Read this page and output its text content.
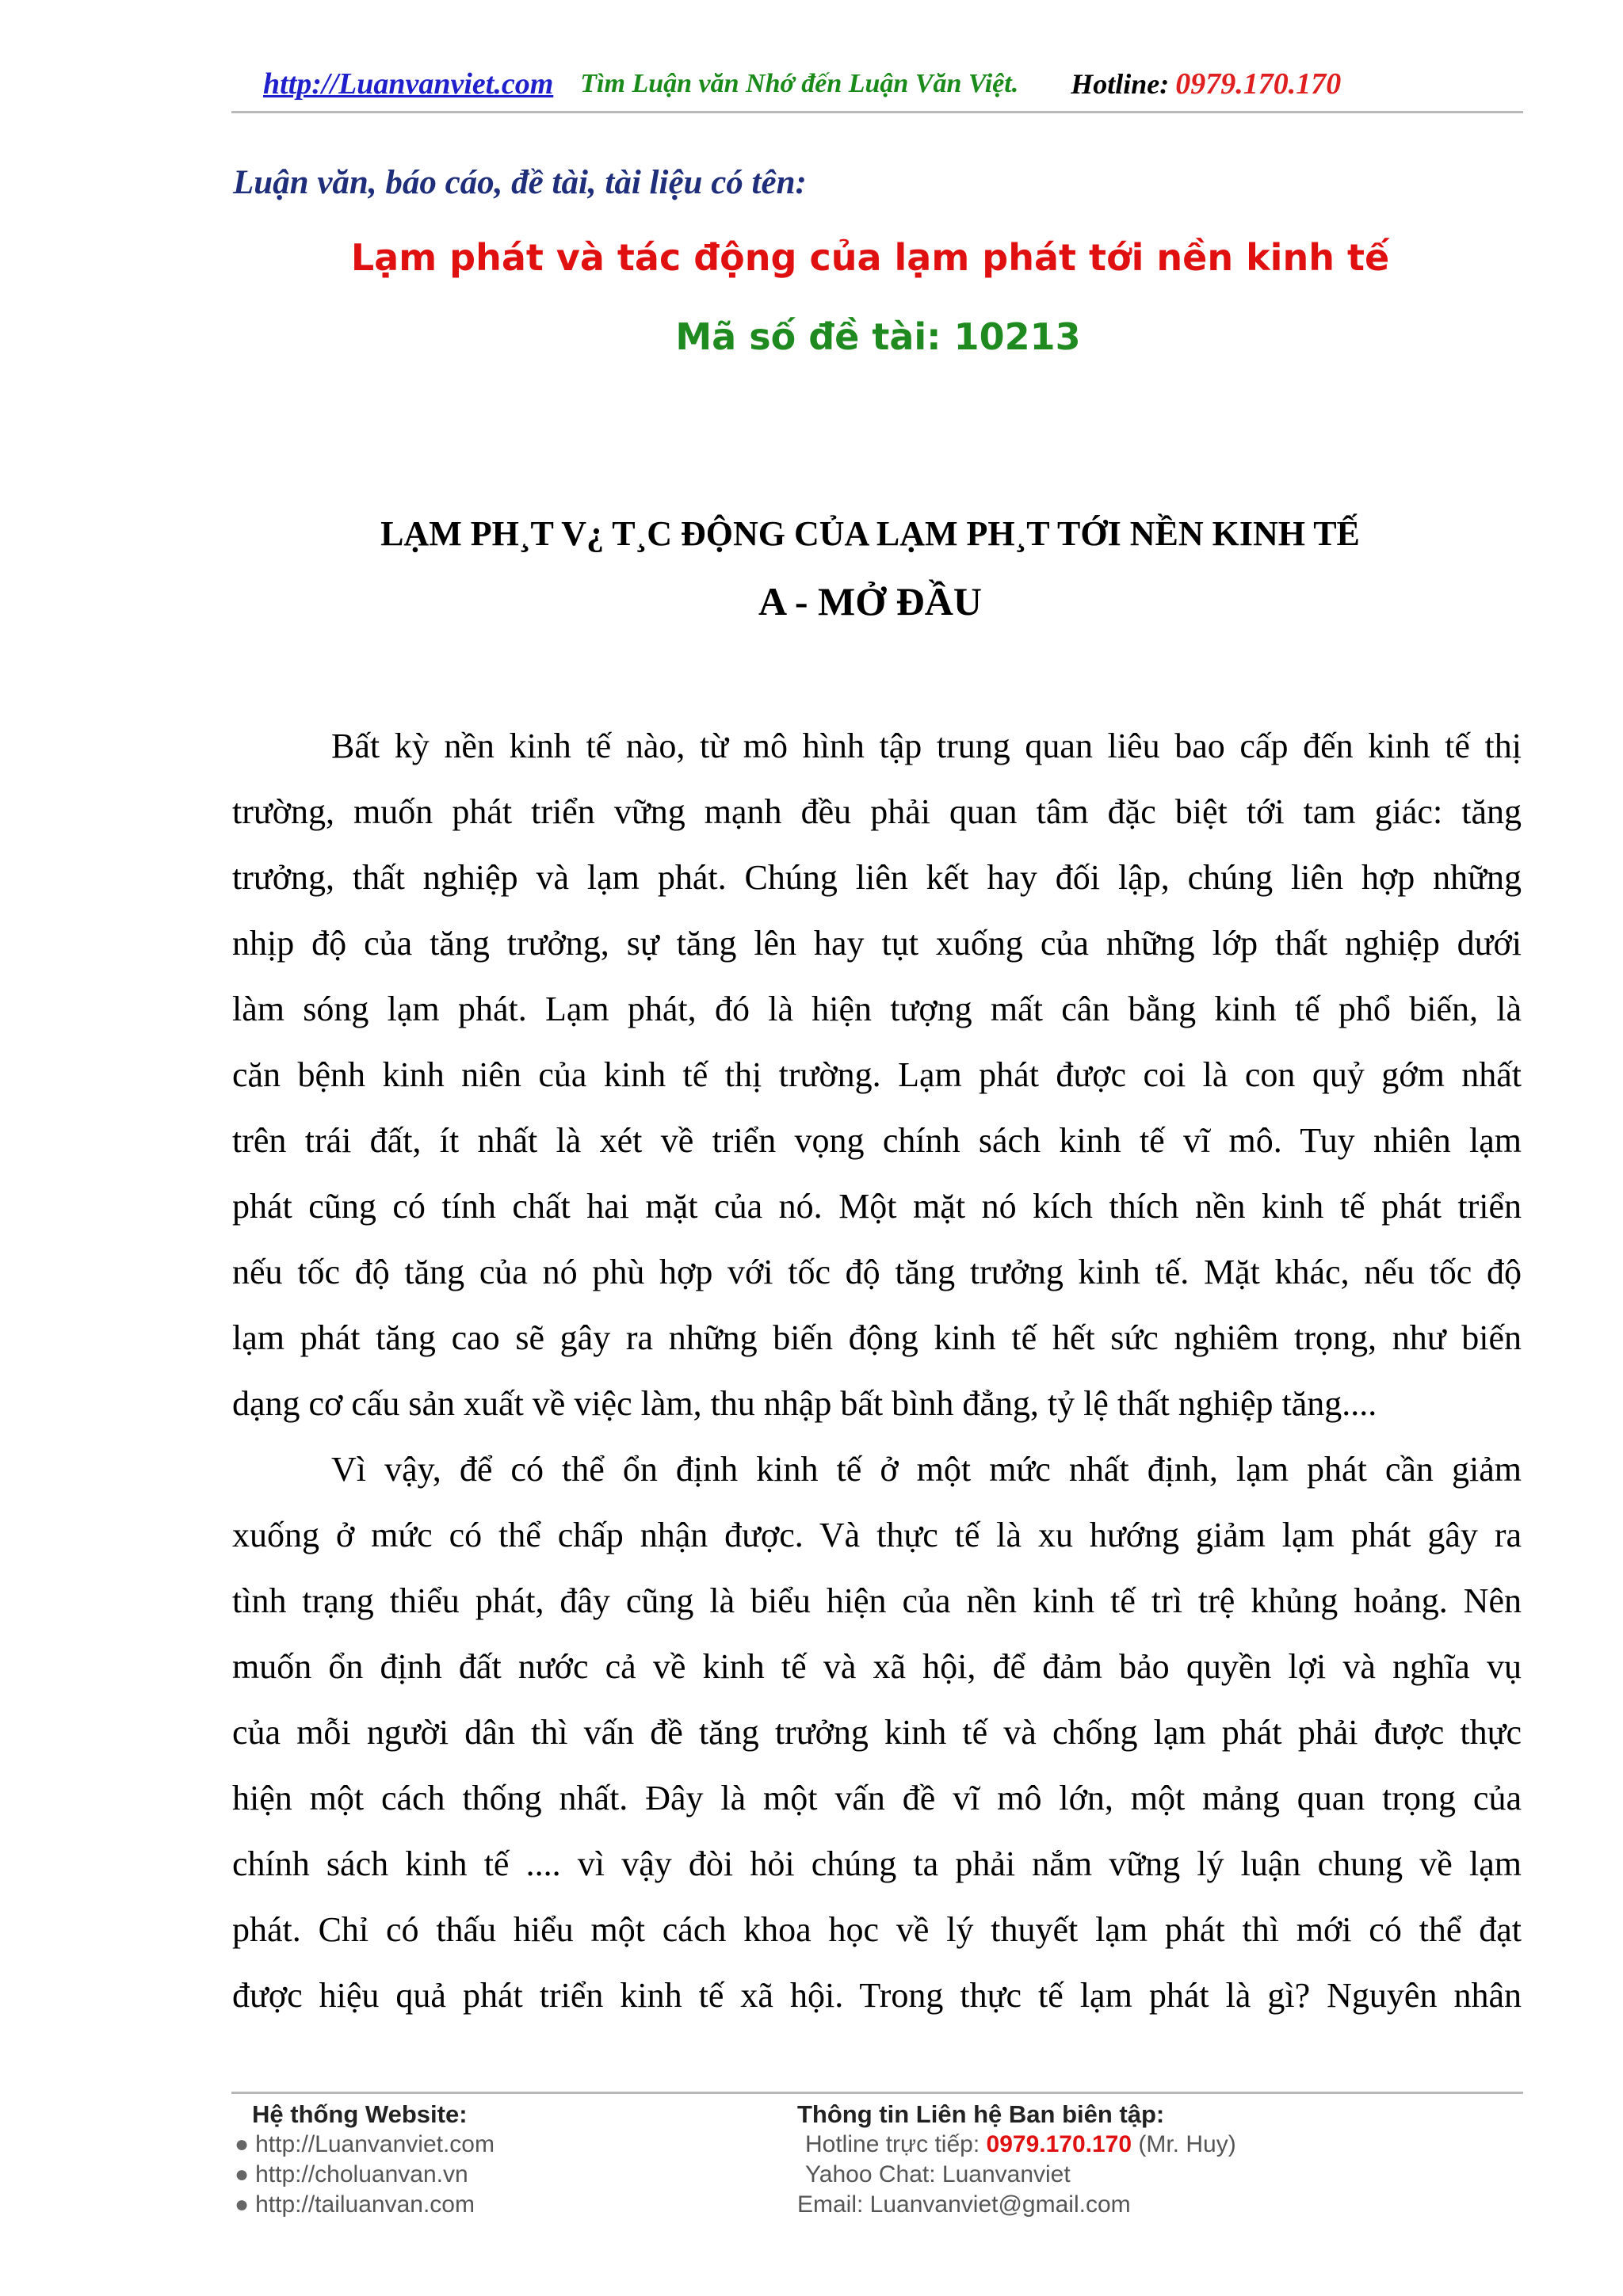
http://Luanvanviet.com Tìm Luận văn Nhớ đến Luận Văn Việt. Hotline: 0979.170.170
Luận văn, báo cáo, đề tài, tài liệu có tên:
Lạm phát và tác động của lạm phát tới nền kinh tế
Mã số đề tài: 10213
LẠM PH¸T V¿ T¸C ĐỘNG CỦA LẠM PH¸T TỚI NỀN KINH TẾ
A - MỞ ĐẦU
Bất kỳ nền kinh tế nào, từ mô hình tập trung quan liêu bao cấp đến kinh tế thị
trường, muốn phát triển vững mạnh đều phải quan tâm đặc biệt tới tam giác: tăng
trưởng, thất nghiệp và lạm phát. Chúng liên kết hay đối lập, chúng liên hợp những
nhịp độ của tăng trưởng, sự tăng lên hay tụt xuống của những lớp thất nghiệp dưới
làm sóng lạm phát. Lạm phát, đó là hiện tượng mất cân bằng kinh tế phổ biến, là
căn bệnh kinh niên của kinh tế thị trường. Lạm phát được coi là con quỷ gớm nhất
trên trái đất, ít nhất là xét về triển vọng chính sách kinh tế vĩ mô. Tuy nhiên lạm
phát cũng có tính chất hai mặt của nó. Một mặt nó kích thích nền kinh tế phát triển
nếu tốc độ tăng của nó phù hợp với tốc độ tăng trưởng kinh tế. Mặt khác, nếu tốc độ
lạm phát tăng cao sẽ gây ra những biến động kinh tế hết sức nghiêm trọng, như biến
dạng cơ cấu sản xuất về việc làm, thu nhập bất bình đẳng, tỷ lệ thất nghiệp tăng....
Vì vậy, để có thể ổn định kinh tế ở một mức nhất định, lạm phát cần giảm
xuống ở mức có thể chấp nhận được. Và thực tế là xu hướng giảm lạm phát gây ra
tình trạng thiểu phát, đây cũng là biểu hiện của nền kinh tế trì trệ khủng hoảng. Nên
muốn ổn định đất nước cả về kinh tế và xã hội, để đảm bảo quyền lợi và nghĩa vụ
của mỗi người dân thì vấn đề tăng trưởng kinh tế và chống lạm phát phải được thực
hiện một cách thống nhất. Đây là một vấn đề vĩ mô lớn, một mảng quan trọng của
chính sách kinh tế .... vì vậy đòi hỏi chúng ta phải nắm vững lý luận chung về lạm
phát. Chỉ có thấu hiểu một cách khoa học về lý thuyết lạm phát thì mới có thể đạt
được hiệu quả phát triển kinh tế xã hội. Trong thực tế lạm phát là gì? Nguyên nhân
Hệ thống Website:
● http://Luanvanviet.com
● http://choluanvan.vn
● http://tailuanvan.com
Thông tin Liên hệ Ban biên tập:
Hotline trực tiếp: 0979.170.170 (Mr. Huy)
Yahoo Chat: Luanvanviet
Email: Luanvanviet@gmail.com
